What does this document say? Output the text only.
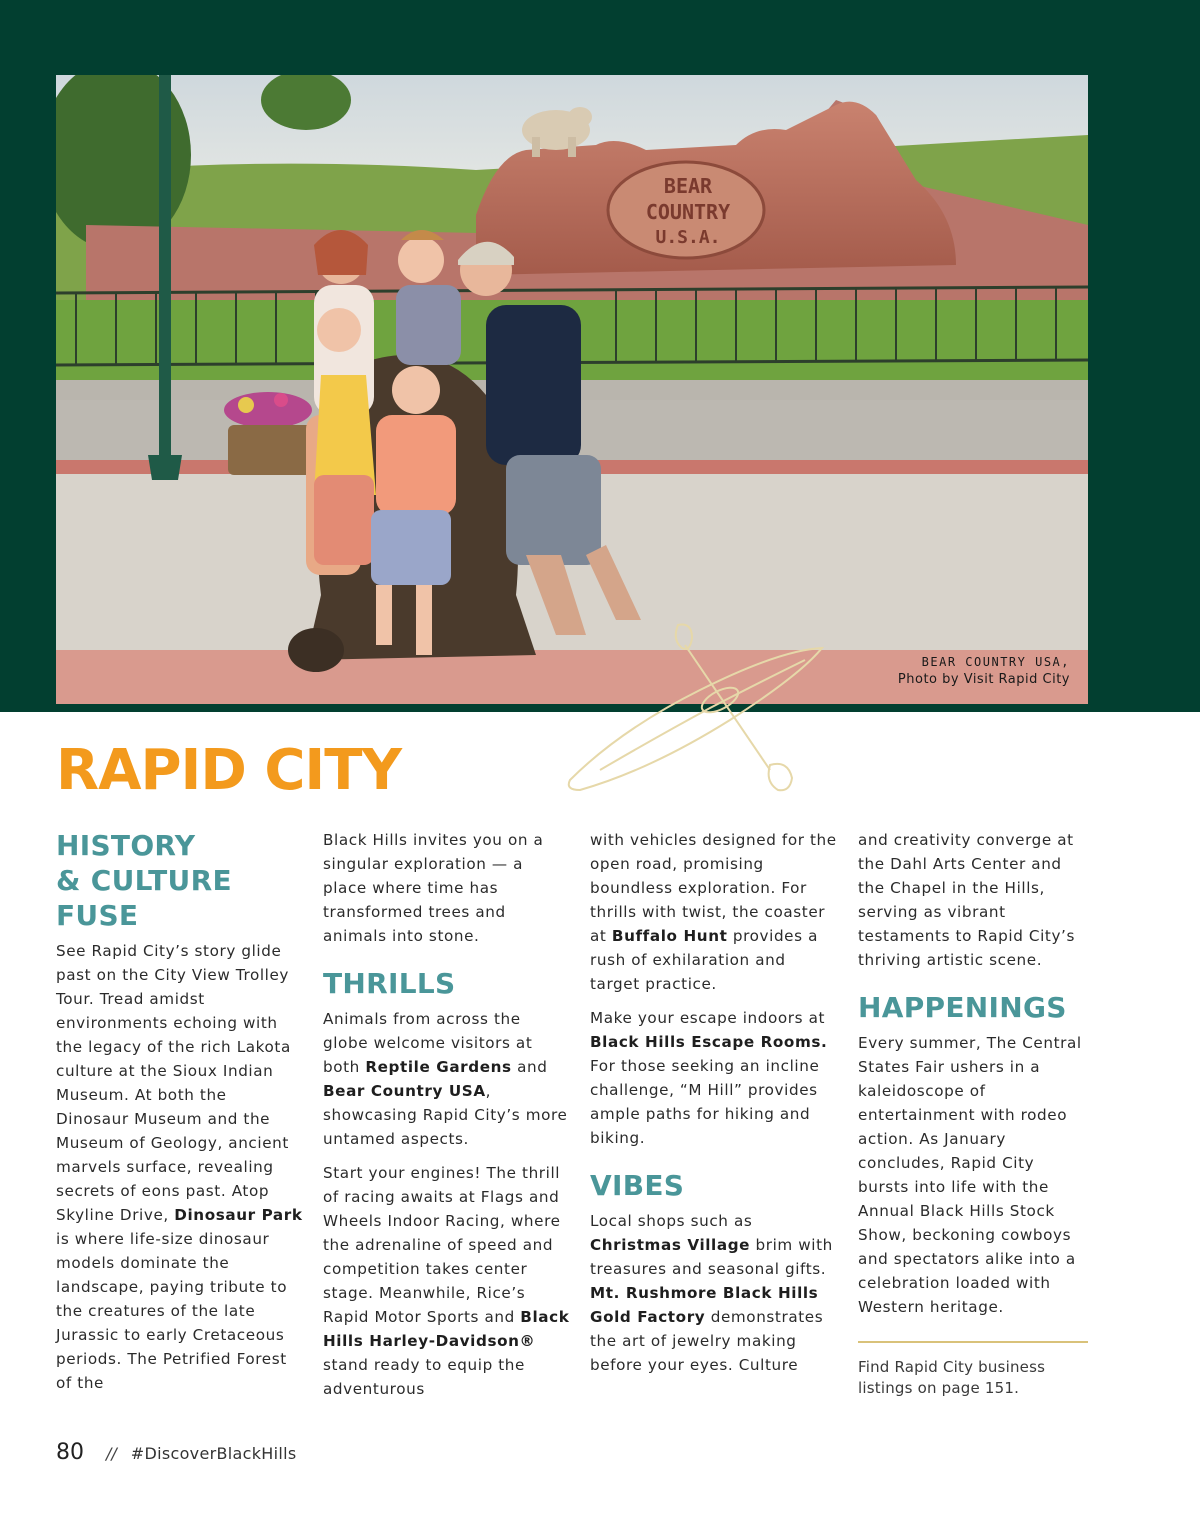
BEAR
COUNTRY
U.S.A.
BEAR COUNTRY USA,
Photo by Visit Rapid City
RAPID CITY
HISTORY
& CULTURE
FUSE

See Rapid City’s story glide past on the City View Trolley Tour. Tread amidst environments echoing with the legacy of the rich Lakota culture at the Sioux Indian Museum. At both the Dinosaur Museum and the Museum of Geology, ancient marvels surface, revealing secrets of eons past. Atop Skyline Drive, Dinosaur Park is where life-size dinosaur models dominate the landscape, paying tribute to the creatures of the late Jurassic to early Cretaceous periods. The Petrified Forest of the

Black Hills invites you on a singular exploration — a place where time has transformed trees and animals into stone.

THRILLS

Animals from across the globe welcome visitors at both Reptile Gardens and Bear Country USA, showcasing Rapid City’s more untamed aspects.

Start your engines! The thrill of racing awaits at Flags and Wheels Indoor Racing, where the adrenaline of speed and competition takes center stage. Meanwhile, Rice’s Rapid Motor Sports and Black Hills Harley-Davidson® stand ready to equip the adventurous

with vehicles designed for the open road, promising boundless exploration. For thrills with twist, the coaster at Buffalo Hunt provides a rush of exhilaration and target practice.

Make your escape indoors at Black Hills Escape Rooms. For those seeking an incline challenge, “M Hill” provides ample paths for hiking and biking.

VIBES

Local shops such as Christmas Village brim with treasures and seasonal gifts. Mt. Rushmore Black Hills Gold Factory demonstrates the art of jewelry making before your eyes. Culture

and creativity converge at the Dahl Arts Center and the Chapel in the Hills, serving as vibrant testaments to Rapid City’s thriving artistic scene.

HAPPENINGS

Every summer, The Central States Fair ushers in a kaleidoscope of entertainment with rodeo action. As January concludes, Rapid City bursts into life with the Annual Black Hills Stock Show, beckoning cowboys and spectators alike into a celebration loaded with Western heritage.

Find Rapid City business listings on page 151.
80 // #DiscoverBlackHills
